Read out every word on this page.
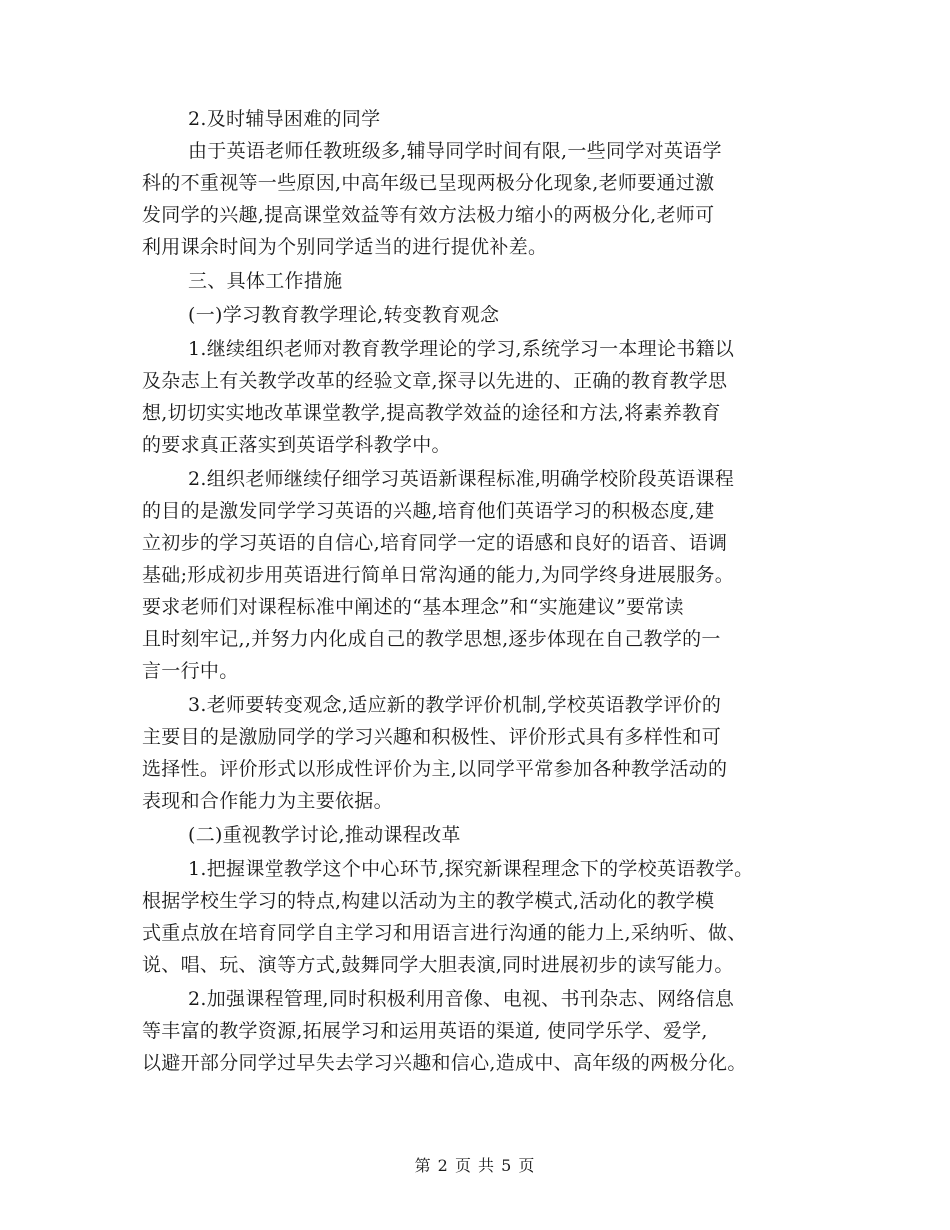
2.及时辅导困难的同学

由于英语老师任教班级多,辅导同学时间有限,一些同学对英语学

科的不重视等一些原因,中高年级已呈现两极分化现象,老师要通过激

发同学的兴趣,提高课堂效益等有效方法极力缩小的两极分化,老师可

利用课余时间为个别同学适当的进行提优补差。

三、具体工作措施

(一)学习教育教学理论,转变教育观念

1.继续组织老师对教育教学理论的学习,系统学习一本理论书籍以

及杂志上有关教学改革的经验文章,探寻以先进的、正确的教育教学思

想,切切实实地改革课堂教学,提高教学效益的途径和方法,将素养教育

的要求真正落实到英语学科教学中。

2.组织老师继续仔细学习英语新课程标准,明确学校阶段英语课程

的目的是激发同学学习英语的兴趣,培育他们英语学习的积极态度,建

立初步的学习英语的自信心,培育同学一定的语感和良好的语音、语调

基础;形成初步用英语进行简单日常沟通的能力,为同学终身进展服务。

要求老师们对课程标准中阐述的“基本理念”和“实施建议”要常读

且时刻牢记,,并努力内化成自己的教学思想,逐步体现在自己教学的一

言一行中。

3.老师要转变观念,适应新的教学评价机制,学校英语教学评价的

主要目的是激励同学的学习兴趣和积极性、评价形式具有多样性和可

选择性。评价形式以形成性评价为主,以同学平常参加各种教学活动的

表现和合作能力为主要依据。

(二)重视教学讨论,推动课程改革

1.把握课堂教学这个中心环节,探究新课程理念下的学校英语教学。

根据学校生学习的特点,构建以活动为主的教学模式,活动化的教学模

式重点放在培育同学自主学习和用语言进行沟通的能力上,采纳听、做、

说、唱、玩、演等方式,鼓舞同学大胆表演,同时进展初步的读写能力。

2.加强课程管理,同时积极利用音像、电视、书刊杂志、网络信息

等丰富的教学资源,拓展学习和运用英语的渠道, 使同学乐学、爱学,

以避开部分同学过早失去学习兴趣和信心,造成中、高年级的两极分化。

第 2 页 共 5 页
